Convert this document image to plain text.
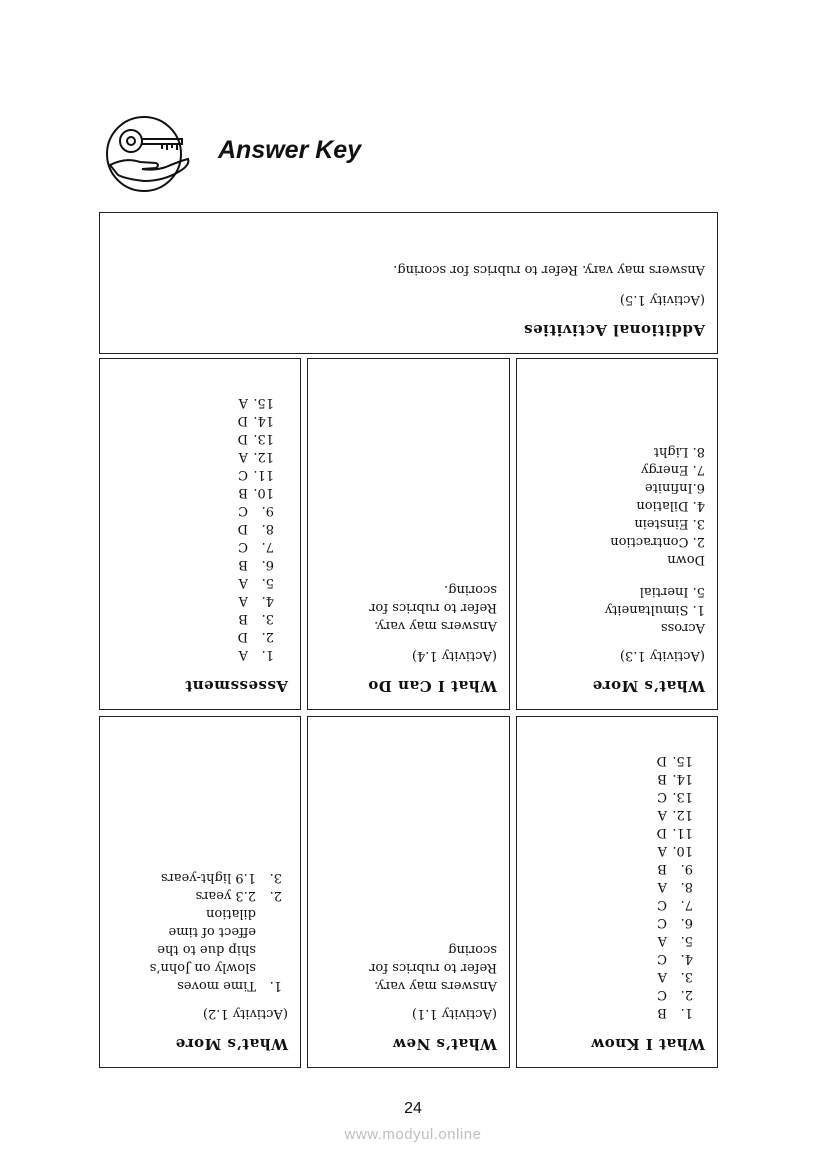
Answer Key
Additional Activities
(Activity 1.5)
Answers may vary. Refer to rubrics for scoring.
Assessment
1.A
2.D
3.B
4.A
5.A
6.B
7.C
8.D
9.C
10.B
11.C
12.A
13.D
14.D
15.A
What I Can Do
(Activity 1.4)
Answers may vary.
Refer to rubrics for
scoring.
What’s More
(Activity 1.3)
Across
1. Simultaneity
5. Inertial
Down
2. Contraction
3. Einstein
4. Dilation
6.Infinite
7. Energy
8. Light
What’s More
(Activity 1.2)
1.Time moves
slowly on John’s
ship due to the
effect of time
dilation
2.2.3 years
3.1.9 light-years
What’s New
(Activity 1.1)
Answers may vary.
Refer to rubrics for
scoring
What I Know
1.B
2.C
3.A
4.C
5.A
6.C
7.C
8.A
9.B
10.A
11.D
12.A
13.C
14.B
15.D
24
www.modyul.online
